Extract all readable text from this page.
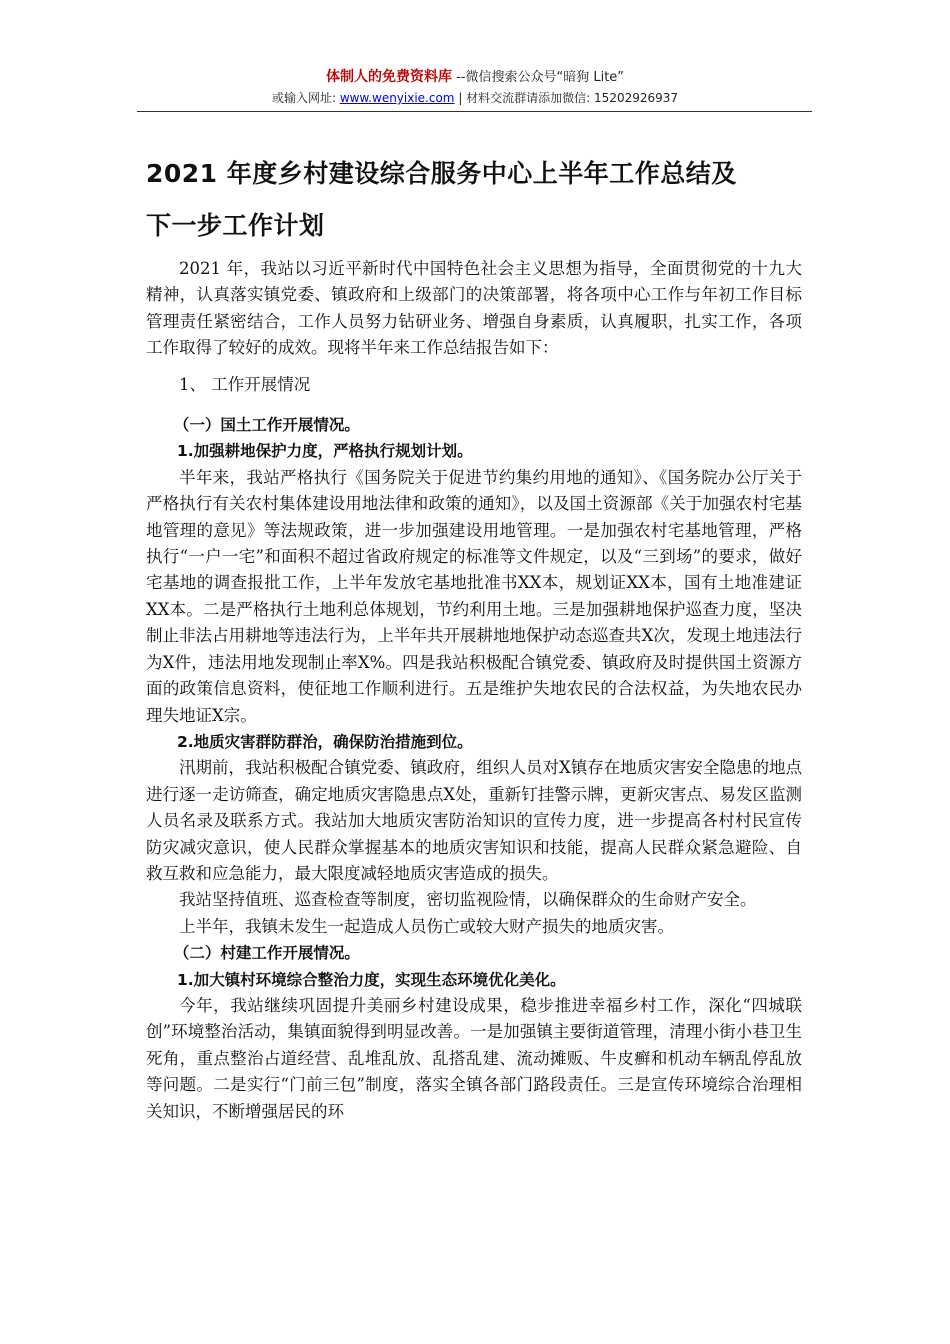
体制人的免费资料库 --微信搜索公众号“暗狗 Lite”
或输入网址: www.wenyixie.com | 材料交流群请添加微信: 15202926937
2021 年度乡村建设综合服务中心上半年工作总结及
下一步工作计划

2021 年，我站以习近平新时代中国特色社会主义思想为指导，全面贯彻党的十九大精神，认真落实镇党委、镇政府和上级部门的决策部署，将各项中心工作与年初工作目标管理责任紧密结合，工作人员努力钻研业务、增强自身素质，认真履职，扎实工作，各项工作取得了较好的成效。现将半年来工作总结报告如下：

1、 工作开展情况

（一）国土工作开展情况。

1.加强耕地保护力度，严格执行规划计划。

半年来，我站严格执行《国务院关于促进节约集约用地的通知》、《国务院办公厅关于严格执行有关农村集体建设用地法律和政策的通知》，以及国土资源部《关于加强农村宅基地管理的意见》等法规政策，进一步加强建设用地管理。一是加强农村宅基地管理，严格执行“一户一宅”和面积不超过省政府规定的标准等文件规定，以及“三到场”的要求，做好宅基地的调查报批工作，上半年发放宅基地批准书XX本，规划证XX本，国有土地准建证XX本。二是严格执行土地利总体规划，节约利用土地。三是加强耕地保护巡查力度，坚决制止非法占用耕地等违法行为，上半年共开展耕地地保护动态巡查共X次，发现土地违法行为X件，违法用地发现制止率X%。四是我站积极配合镇党委、镇政府及时提供国土资源方面的政策信息资料，使征地工作顺利进行。五是维护失地农民的合法权益，为失地农民办理失地证X宗。

2.地质灾害群防群治，确保防治措施到位。

汛期前，我站积极配合镇党委、镇政府，组织人员对X镇存在地质灾害安全隐患的地点进行逐一走访筛查，确定地质灾害隐患点X处，重新钉挂警示牌，更新灾害点、易发区监测人员名录及联系方式。我站加大地质灾害防治知识的宣传力度，进一步提高各村村民宣传防灾减灾意识，使人民群众掌握基本的地质灾害知识和技能，提高人民群众紧急避险、自救互救和应急能力，最大限度减轻地质灾害造成的损失。

我站坚持值班、巡查检查等制度，密切监视险情，以确保群众的生命财产安全。

上半年，我镇未发生一起造成人员伤亡或较大财产损失的地质灾害。

（二）村建工作开展情况。

1.加大镇村环境综合整治力度，实现生态环境优化美化。

今年，我站继续巩固提升美丽乡村建设成果，稳步推进幸福乡村工作，深化“四城联创”环境整治活动，集镇面貌得到明显改善。一是加强镇主要街道管理，清理小街小巷卫生死角，重点整治占道经营、乱堆乱放、乱搭乱建、流动摊贩、牛皮癣和机动车辆乱停乱放等问题。二是实行“门前三包”制度，落实全镇各部门路段责任。三是宣传环境综合治理相关知识，不断增强居民的环
